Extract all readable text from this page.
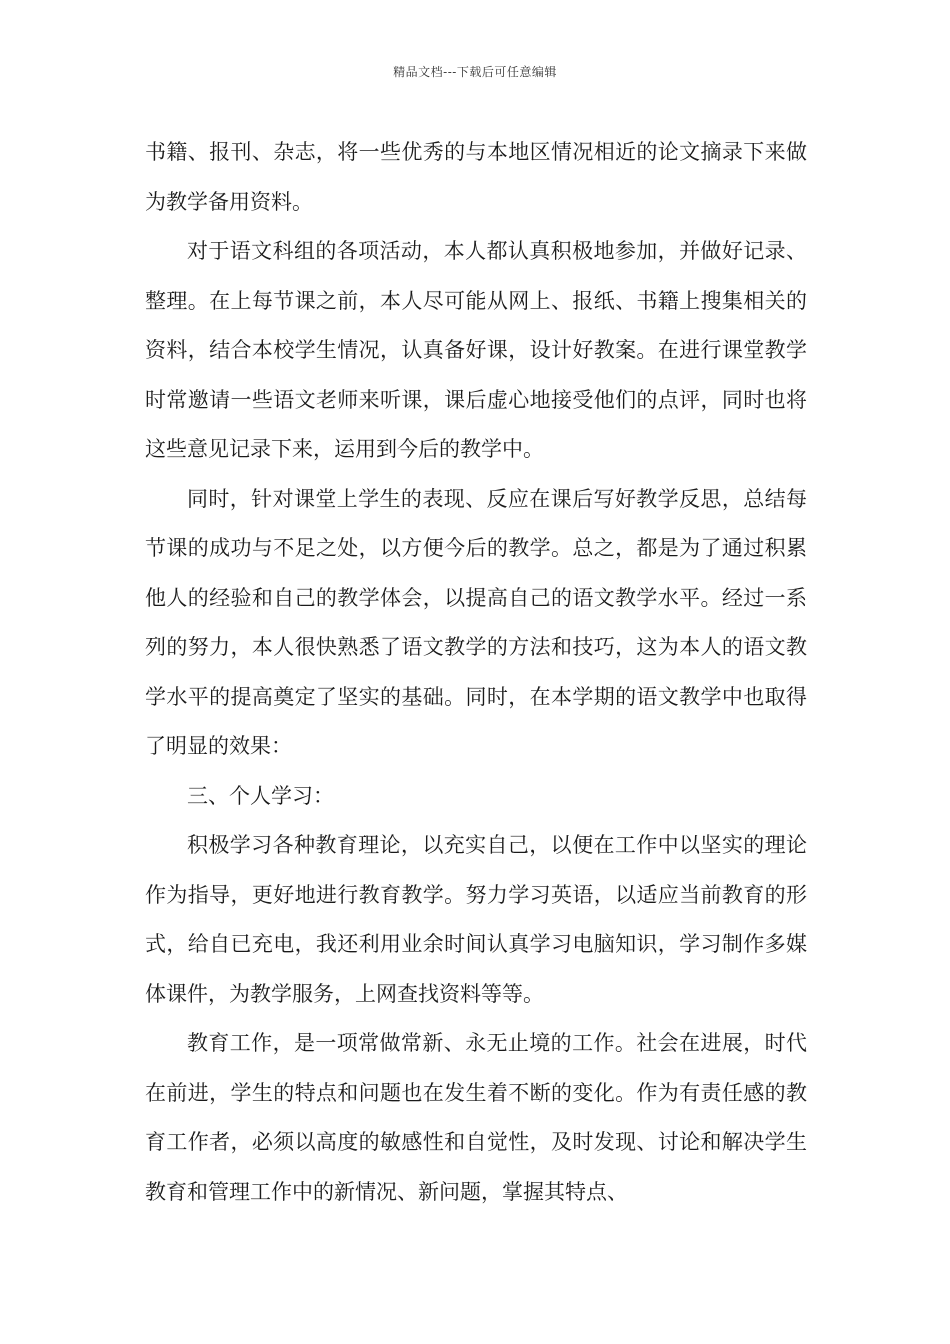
精品文档---下载后可任意编辑

书籍、报刊、杂志，将一些优秀的与本地区情况相近的论文摘录下来做为教学备用资料。

对于语文科组的各项活动，本人都认真积极地参加，并做好记录、整理。在上每节课之前，本人尽可能从网上、报纸、书籍上搜集相关的资料，结合本校学生情况，认真备好课，设计好教案。在进行课堂教学时常邀请一些语文老师来听课，课后虚心地接受他们的点评，同时也将这些意见记录下来，运用到今后的教学中。

同时，针对课堂上学生的表现、反应在课后写好教学反思，总结每节课的成功与不足之处，以方便今后的教学。总之，都是为了通过积累他人的经验和自己的教学体会，以提高自己的语文教学水平。经过一系列的努力，本人很快熟悉了语文教学的方法和技巧，这为本人的语文教学水平的提高奠定了坚实的基础。同时，在本学期的语文教学中也取得了明显的效果：

三、个人学习：

积极学习各种教育理论，以充实自己，以便在工作中以坚实的理论作为指导，更好地进行教育教学。努力学习英语，以适应当前教育的形式，给自已充电，我还利用业余时间认真学习电脑知识，学习制作多媒体课件，为教学服务，上网查找资料等等。

教育工作，是一项常做常新、永无止境的工作。社会在进展，时代在前进，学生的特点和问题也在发生着不断的变化。作为有责任感的教育工作者，必须以高度的敏感性和自觉性，及时发现、讨论和解决学生教育和管理工作中的新情况、新问题，掌握其特点、
